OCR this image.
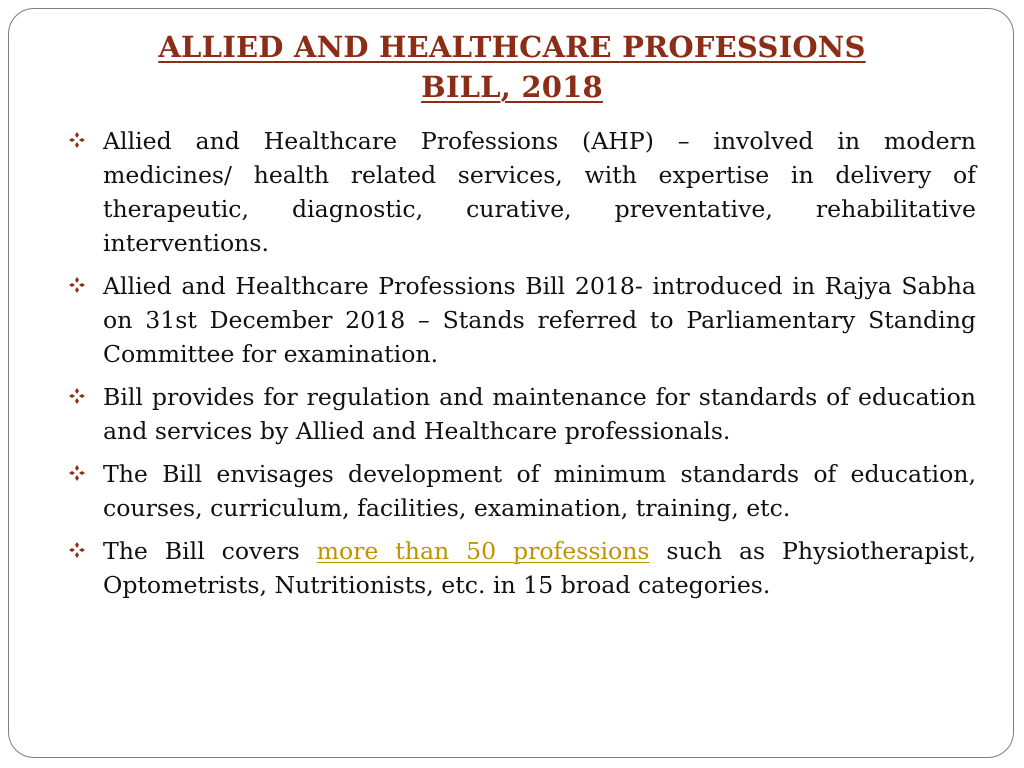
ALLIED AND HEALTHCARE PROFESSIONS
BILL, 2018
Allied and Healthcare Professions (AHP) – involved in modern medicines/ health related services, with expertise in delivery of therapeutic, diagnostic, curative, preventative, rehabilitative interventions.
Allied and Healthcare Professions Bill 2018- introduced in Rajya Sabha on 31st December 2018 – Stands referred to Parliamentary Standing Committee for examination.
Bill provides for regulation and maintenance for standards of education and services by Allied and Healthcare professionals.
The Bill envisages development of minimum standards of education, courses, curriculum, facilities, examination, training, etc.
The Bill covers more than 50 professions such as Physiotherapist, Optometrists, Nutritionists, etc. in 15 broad categories.
